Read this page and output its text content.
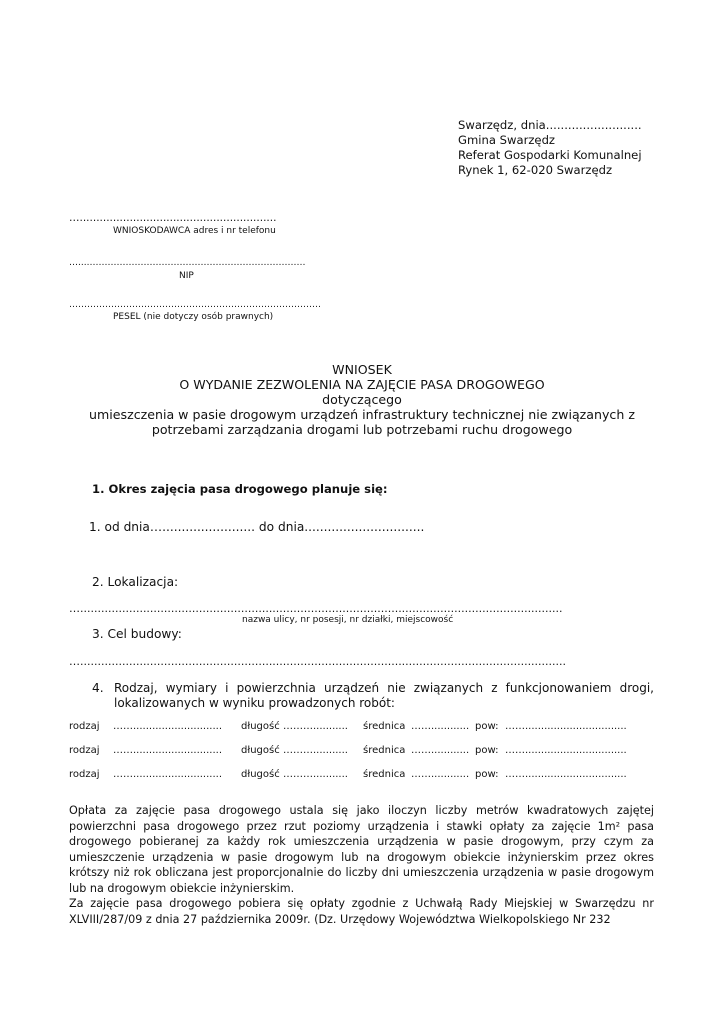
Swarzędz, dnia..........................
Gmina Swarzędz
Referat Gospodarki Komunalnej
Rynek 1, 62-020 Swarzędz
…...........................................................
WNIOSKODAWCA adres i nr telefonu
…....………………………………………………………………
NIP
…………………………………………………………………………
PESEL (nie dotyczy osób prawnych)
WNIOSEK
O WYDANIE ZEZWOLENIA NA ZAJĘCIE PASA DROGOWEGO
dotyczącego
umieszczenia w pasie drogowym urządzeń infrastruktury technicznej nie związanych z
potrzebami zarządzania drogami lub potrzebami ruchu drogowego
1. Okres zajęcia pasa drogowego planuje się:
1. od dnia…........................ do dnia...............................
2. Lokalizacja:
…..........................................................................................................................................
nazwa ulicy, nr posesji, nr działki, miejscowość
3. Cel budowy:
…...........................................................................................................................................
4. Rodzaj, wymiary i powierzchnia urządzeń nie związanych z funkcjonowaniem drogi, lokalizowanych w wyniku prowadzonych robót:
rodzaj ……............................ długość ………........... średnica ……............ pow: ……................................
rodzaj ……............................ długość ………........... średnica ……............ pow: ……................................
rodzaj ……............................ długość ………........... średnica ……............ pow: ……................................
Opłata za zajęcie pasa drogowego ustala się jako iloczyn liczby metrów kwadratowych zajętej powierzchni pasa drogowego przez rzut poziomy urządzenia i stawki opłaty za zajęcie 1m² pasa drogowego pobieranej za każdy rok umieszczenia urządzenia w pasie drogowym, przy czym za umieszczenie urządzenia w pasie drogowym lub na drogowym obiekcie inżynierskim przez okres krótszy niż rok obliczana jest proporcjonalnie do liczby dni umieszczenia urządzenia w pasie drogowym lub na drogowym obiekcie inżynierskim.
Za zajęcie pasa drogowego pobiera się opłaty zgodnie z Uchwałą Rady Miejskiej w Swarzędzu nr XLVIII/287/09 z dnia 27 października 2009r. (Dz. Urzędowy Województwa Wielkopolskiego Nr 232
